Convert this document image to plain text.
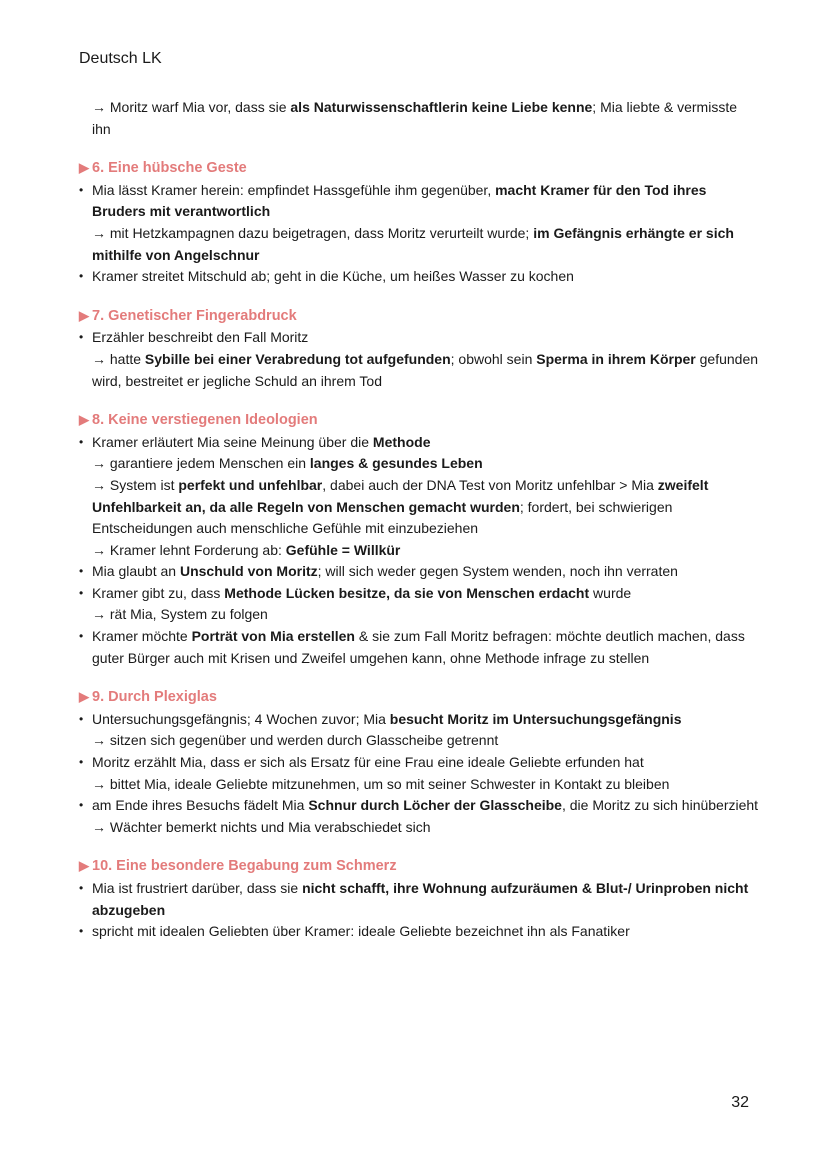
Deutsch LK
→ Moritz warf Mia vor, dass sie als Naturwissenschaftlerin keine Liebe kenne; Mia liebte & vermisste ihn
▶ 6. Eine hübsche Geste
• Mia lässt Kramer herein: empfindet Hassgefühle ihm gegenüber, macht Kramer für den Tod ihres Bruders mit verantwortlich
→ mit Hetzkampagnen dazu beigetragen, dass Moritz verurteilt wurde; im Gefängnis erhängte er sich mithilfe von Angelschnur
• Kramer streitet Mitschuld ab; geht in die Küche, um heißes Wasser zu kochen
▶ 7. Genetischer Fingerabdruck
• Erzähler beschreibt den Fall Moritz
→ hatte Sybille bei einer Verabredung tot aufgefunden; obwohl sein Sperma in ihrem Körper gefunden wird, bestreitet er jegliche Schuld an ihrem Tod
▶ 8. Keine verstiegenen Ideologien
• Kramer erläutert Mia seine Meinung über die Methode
→ garantiere jedem Menschen ein langes & gesundes Leben
→ System ist perfekt und unfehlbar, dabei auch der DNA Test von Moritz unfehlbar > Mia zweifelt Unfehlbarkeit an, da alle Regeln von Menschen gemacht wurden; fordert, bei schwierigen Entscheidungen auch menschliche Gefühle mit einzubeziehen
→ Kramer lehnt Forderung ab: Gefühle = Willkür
• Mia glaubt an Unschuld von Moritz; will sich weder gegen System wenden, noch ihn verraten
• Kramer gibt zu, dass Methode Lücken besitze, da sie von Menschen erdacht wurde
→ rät Mia, System zu folgen
• Kramer möchte Porträt von Mia erstellen & sie zum Fall Moritz befragen: möchte deutlich machen, dass guter Bürger auch mit Krisen und Zweifel umgehen kann, ohne Methode infrage zu stellen
▶ 9. Durch Plexiglas
• Untersuchungsgefängnis; 4 Wochen zuvor; Mia besucht Moritz im Untersuchungsgefängnis
→ sitzen sich gegenüber und werden durch Glasscheibe getrennt
• Moritz erzählt Mia, dass er sich als Ersatz für eine Frau eine ideale Geliebte erfunden hat
→ bittet Mia, ideale Geliebte mitzunehmen, um so mit seiner Schwester in Kontakt zu bleiben
• am Ende ihres Besuchs fädelt Mia Schnur durch Löcher der Glasscheibe, die Moritz zu sich hinüberzieht
→ Wächter bemerkt nichts und Mia verabschiedet sich
▶ 10. Eine besondere Begabung zum Schmerz
• Mia ist frustriert darüber, dass sie nicht schafft, ihre Wohnung aufzuräumen & Blut-/ Urinproben nicht abzugeben
• spricht mit idealen Geliebten über Kramer: ideale Geliebte bezeichnet ihn als Fanatiker
32
